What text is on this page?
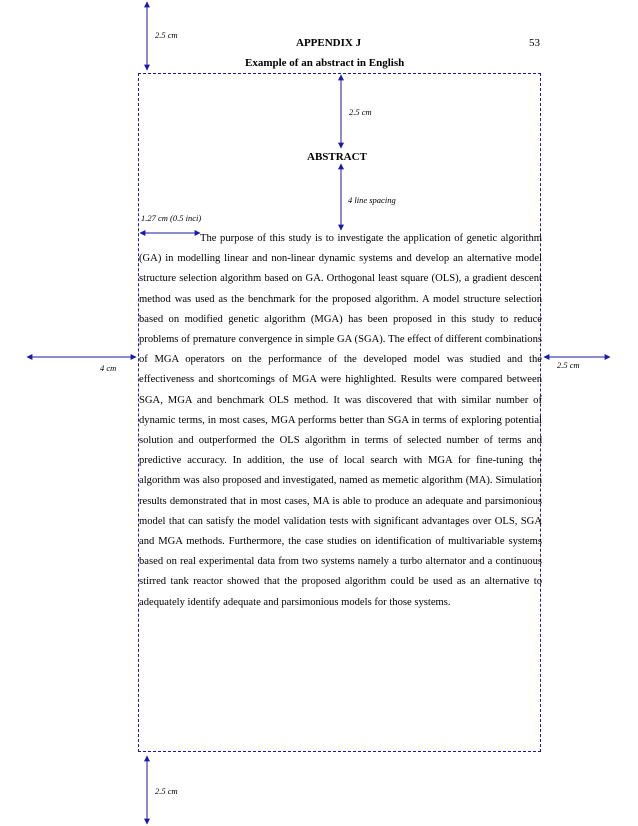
2.5 cm
2.5 cm
4 line spacing
1.27 cm (0.5 inci)
4 cm	2.5 cm
2.5 cm
APPENDIX J	53
Example of an abstract in English
ABSTRACT

The purpose of this study is to investigate the application of genetic algorithm (GA) in modelling linear and non-linear dynamic systems and develop an alternative model structure selection algorithm based on GA. Orthogonal least square (OLS), a gradient descent method was used as the benchmark for the proposed algorithm. A model structure selection based on modified genetic algorithm (MGA) has been proposed in this study to reduce problems of premature convergence in simple GA (SGA). The effect of different combinations of MGA operators on the performance of the developed model was studied and the effectiveness and shortcomings of MGA were highlighted. Results were compared between SGA, MGA and benchmark OLS method. It was discovered that with similar number of dynamic terms, in most cases, MGA performs better than SGA in terms of exploring potential solution and outperformed the OLS algorithm in terms of selected number of terms and predictive accuracy. In addition, the use of local search with MGA for fine-tuning the algorithm was also proposed and investigated, named as memetic algorithm (MA). Simulation results demonstrated that in most cases, MA is able to produce an adequate and parsimonious model that can satisfy the model validation tests with significant advantages over OLS, SGA and MGA methods. Furthermore, the case studies on identification of multivariable systems based on real experimental data from two systems namely a turbo alternator and a continuous stirred tank reactor showed that the proposed algorithm could be used as an alternative to adequately identify adequate and parsimonious models for those systems.
